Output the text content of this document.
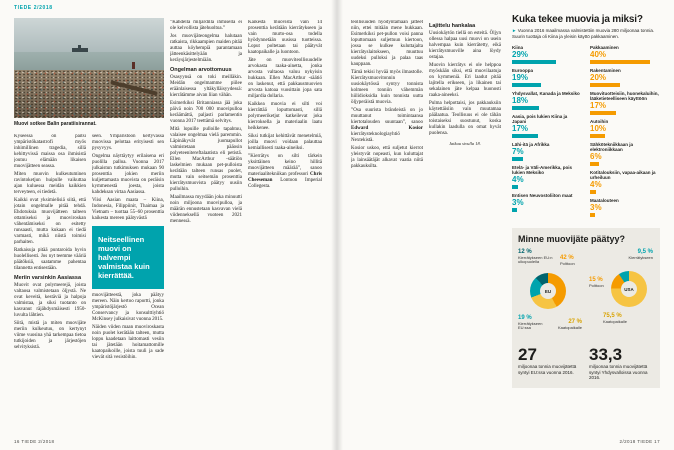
TIEDE 2/2018
Muovi sotkee Balin paratiisirannat.

Kyseessä on paitsi ympäristökatastrofi myös inhimillinen tragedia, sillä kehittyvissä maissa osa ihmisistä joutuu elämään likaisen muovijätteen seassa.

Miten muovin kulkeutuminen ravintoketjun huipulle vaikuttaa ajan kuluessa meidän kaikkien terveyteen, ei tiedetä.

Kaikki ovat yksimielisiä siitä, että jotain ongelmalle pitää tehdä. Ehdotuksia muovijätteen talteen ottamiseksi ja muoviroskan vähentämiseksi on esitetty runsaasti, mutta kukaan ei tiedä varmasti, mikä niistä toimisi parhaiten.

Ratkaisuja pitää puntaroida hyvin huolellisesti. Jos nyt teemme vääriä päätöksiä, saatamme pahentaa tilannetta entisestään.

Meriin varsinkin Aasiassa

Muovit ovat polymeerejä, joista valtaosa valmistetaan öljystä. Ne ovat keveitä, kestäviä ja halpoja valmistaa, ja siksi tuotanto on kasvanut räjähdysmäisesti 1950-luvulta lähtien.

Siitä, mistä ja miten muovijäte meriin kulkeutuu, on kertynyt viime vuosina yhä tarkempaa tietoa tutkijoiden ja järjestöjen selvityksistä.

seen. Ympäristöön kertyvässä muovissa pelottaa erityisesti sen pysyvyys.

Ongelma näyttäytyy erilaisena eri puolilla palloa. Vuonna 2017 julkaistun tutkimuksen mukaan 90 prosenttia jokien meriin kuljettamasta muovista on peräisin kymmenestä joesta, joista kahdeksan virtaa Aasiassa.

Viisi Aasian maata – Kiina, Indonesia, Filippiinit, Thaimaa ja Vietnam – tuottaa 55–60 prosenttia kaikesta mereen päätyvästä

Neitseellinen muovi on halvempi valmistaa kuin kierrättää.

muovijätteestä, joka päätyy mereen. Näin kertoo raportti, jonka ympäristöjärjestö Ocean Conservancy ja konsulttiyhtiö McKinsey julkaisivat vuonna 2015.

Näiden viiden maan muoviroskasta noin puolet kerätään talteen, mutta loppu kaadetaan laittomasti vesiin tai jätetään hoitamattomille kaatopaikoille, joista tuuli ja sade vievät sitä vesistöihin.

”Kahdella miljardilla ihmisellä ei ole kelvollista jätehuoltoa.”

Jos muovijäteongelma halutaan ratkaista, rikkaampien maiden pitää auttaa köyhempiä parantamaan jätteenkäsittelyään ja keräysjärjestelmiään.

Ongelman arvottomuus

Osasyynsä on toki meilläkin. Meidän ongelmamme piilee eräänlaisessa yltäkylläisyydessä: kierrätämme aivan liian vähän.

Esimerkiksi Britanniassa jää joka päivä noin 700 000 muovipulloa keräämättä, paljasti parlamentin vuonna 2017 teettämä selvitys.

Mitä lopuille pulloille tapahtuu, valaisee ongelmaa vielä paremmin. Läpinäkyvät juomapullot valmistetaan pääosin polyeteenitereftalaatista eli petistä. Ellen MacArthur -säätiön laskelmien mukaan pet-pulloista kerätään talteen runsas puolet, mutta vain seitsemän prosenttia kierrätysmuovista päätyy uusiin pulloihin.

Maailmassa myydään joka minuutti noin miljoona muovipulloa, ja määrän ennustetaan kasvavan vielä viidenneksellä vuoteen 2021 mennessä.

Kaikesta muovista vain 14 prosenttia kerätään kierrätykseen ja vain murto-osa todella hyödynnetään uusissa tuotteissa. Loput poltetaan tai päätyvät kaatopaikalle ja luontoon.

Jäte on muoviteollisuudelle arvokasta raaka-ainetta, jonka arvosta valtaosa valuu nykyisin hukkaan. Ellen MacArthur -säätiö on laskenut, että pakkausmuovien arvosta katoaa vuosittain jopa sata miljardia dollaria.

Kaikkea muovia ei silti voi kierrättää loputtomasti, sillä polymeeriketjut katkeilevat joka kierroksella ja materiaalin laatu heikkenee.

Siksi tutkijat kehittävät menetelmiä, joilla muovi voidaan palauttaa kemiallisesti raaka-aineiksi.

”Kierrätys on silti tärkein yksittäinen keino hillitä muovijätteen määrää”, sanoo materiaalitekniikan professori Chris Cheeseman Lontoon Imperial Collegesta.

16 TIEDE 2/2018

teollisuuden hyödyntämään jätteet niin, ettei mitään mene hukkaan. Esimerkiksi pet-pullon voisi panna loputtomaan suljettuun kiertoon, jossa se kulkee kuluttajalta kierrätyslaitokseen, muuttuu uudeksi pulloksi ja palaa taas kauppaan.

Tämä tekisi hyvää myös ilmastolle. Kierrätysmuovitonnin uusiokäytössä syntyy tonnista kolmeen tonniin vähemmän hiilidioksidia kuin tonnista uutta öljyperäistä muovia.

”Osa suurista brändeistä on jo muuttanut toimintaansa kiertotalouden suuntaan”, sanoo Edward Kosior kierrätysteknologiayhtiö Nextekistä.

Kosior uskoo, että suljetut kierrot yleistyvät nopeasti, kun kuluttajat ja lainsäätäjät alkavat vaatia niitä pakkauksilta.

Lajittelu hankalaa

Uusiokäytön tiellä on esteitä. Öljyn ollessa halpaa uusi muovi on usein halvempaa kuin kierrätetty, eikä kierrätysmuoville aina löydy ostajaa.

Muovin kierrätys ei ole helppoa myöskään siksi, että muovilaatuja on kymmeniä. Eri laadut pitää lajitella erikseen, ja likainen tai sekalainen jäte kelpaa huonosti raaka-aineeksi.

Pulma helpottaisi, jos pakkauksiin käytettäisiin vain muutamaa päälaatua. Teollisuus ei ole tähän toistaiseksi suostunut, koska kullakin laadulla on omat hyvät puolensa.

Jatkuu sivulla 18.

Kuka tekee muovia ja miksi?
► Vuonna 2016 maailmassa valmistettiin muovia 280 miljoonaa tonnia. Suurin tuottaja oli Kiina ja yleisin käyttö pakkaaminen.
Kiina
29%
Eurooppa
19%
Yhdysvallat, Kanada ja Meksiko
18%
Aasia, pois lukien Kiina ja Japani
17%
Lähi-itä ja Afrikka
7%
Etelä- ja Väli-Amerikka, pois lukien Meksiko
4%
Entisen Neuvostoliiton maat
3%
Pakkaaminen
40%
Rakentaminen
20%
Muovituotteisiin, huonekaluihin, lääketieteelliseen käyttöön
17%
Autoihin
10%
Sähkötekniikkaan ja elektroniikkaan
6%
Kotitalouksiin, vapaa-aikaan ja urheiluun
4%
Maatalouteen
3%
Minne muovijäte päätyy?
12 %
Kierrätykseen EU:n ulkopuolella
42 %
Polttoon
EU
19 %
Kierrätykseen EU:ssa
27 %
Kaatopaikalle
9,5 %
Kierrätykseen
15 %
Polttoon
USA
75,5 %
Kaatopaikalle
27
miljoonaa tonnia muovijätettä syntyi EU:ssa vuonna 2016.
33,3
miljoonaa tonnia muovijätettä syntyi Yhdysvalloissa vuonna 2016.
2/2018 TIEDE 17
